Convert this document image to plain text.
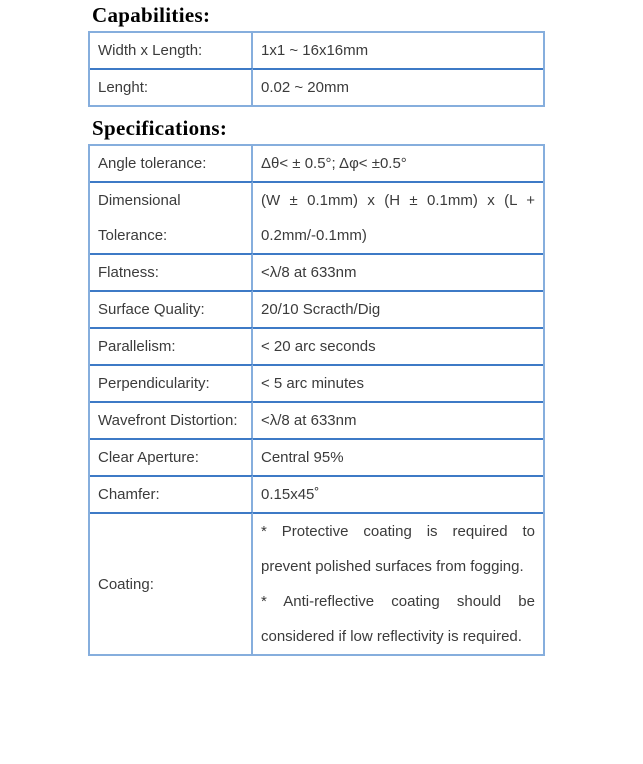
Capabilities:
Width x Length:	1x1 ~ 16x16mm

Lenght:	0.02 ~ 20mm

Specifications:
Angle tolerance:	Δθ< ± 0.5°; Δφ< ±0.5°

Dimensional Tolerance:	(W ± 0.1mm) x (H ± 0.1mm) x (L + 0.2mm/-0.1mm)

Flatness:	<λ/8 at 633nm

Surface Quality:	20/10 Scracth/Dig

Parallelism:	< 20 arc seconds

Perpendicularity:	< 5 arc minutes

Wavefront Distortion:	<λ/8 at 633nm

Clear Aperture:	Central 95%

Chamfer:	0.15x45˚

Coating:	* Protective coating is required to prevent polished surfaces from fogging.

* Anti-reflective coating should be considered if low reflectivity is required.
